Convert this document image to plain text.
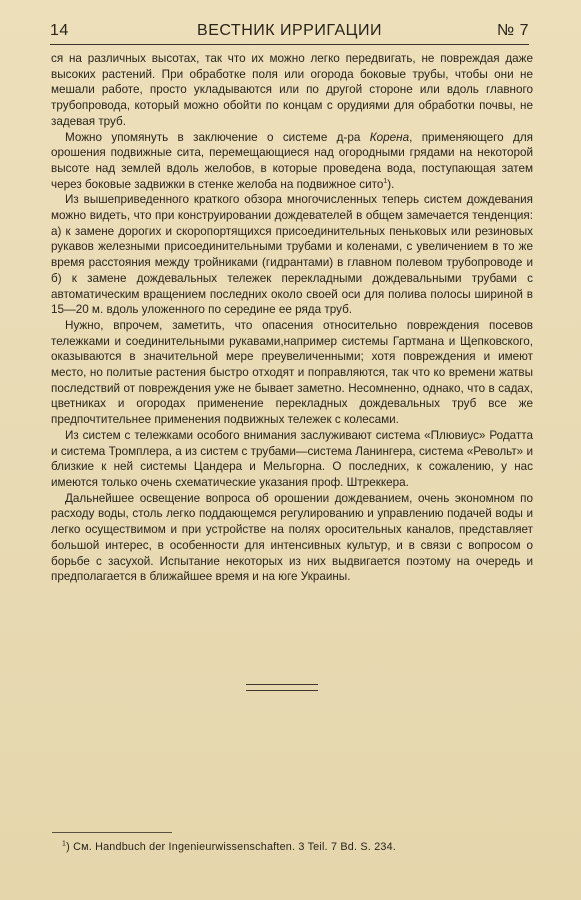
14	ВЕСТНИК ИРРИГАЦИИ	№ 7

ся на различных высотах, так что их можно легко передвигать, не повреждая даже высоких растений. При обработке поля или огорода боковые трубы, чтобы они не мешали работе, просто укладываются или по другой стороне или вдоль главного трубопровода, который можно обойти по концам с орудиями для обработки почвы, не задевая труб.

Можно упомянуть в заключение о системе д-ра Корена, применяющего для орошения подвижные сита, перемещающиеся над огородными грядами на некоторой высоте над землей вдоль желобов, в которые проведена вода, поступающая затем через боковые задвижки в стенке желоба на подвижное сито$^1$).

Из вышеприведенного краткого обзора многочисленных теперь систем дождевания можно видеть, что при конструировании дождевателей в общем замечается тенденция: а) к замене дорогих и скоропортящихся присоединительных пеньковых или резиновых рукавов железными присоединительными трубами и коленами, с увеличением в то же время расстояния между тройниками (гидрантами) в главном полевом трубопроводе и б) к замене дождевальных тележек перекладными дождевальными трубами с автоматическим вращением последних около своей оси для полива полосы шириной в 15—20 м. вдоль уложенного по середине ее ряда труб.

Нужно, впрочем, заметить, что опасения относительно повреждения посевов тележками и соединительными рукавами,например системы Гартмана и Щепковского, оказываются в значительной мере преувеличенными; хотя повреждения и имеют место, но политые растения быстро отходят и поправляются, так что ко времени жатвы последствий от повреждения уже не бывает заметно. Несомненно, однако, что в садах, цветниках и огородах применение перекладных дождевальных труб все же предпочтительнее применения подвижных тележек с колесами.

Из систем с тележками особого внимания заслуживают система «Плювиус» Родатта и система Тромплера, а из систем с трубами—система Ланингера, система «Револьт» и близкие к ней системы Цандера и Мельгорна. О последних, к сожалению, у нас имеются только очень схематические указания проф. Штреккера.

Дальнейшее освещение вопроса об орошении дождеванием, очень экономном по расходу воды, столь легко поддающемся регулированию и управлению подачей воды и легко осуществимом и при устройстве на полях оросительных каналов, представляет большой интерес, в особенности для интенсивных культур, и в связи с вопросом о борьбе с засухой. Испытание некоторых из них выдвигается поэтому на очередь и предполагается в ближайшее время и на юге Украины.

$^1$) См. Handbuch der Ingenieurwissenschaften. 3 Teil. 7 Bd. S. 234.
